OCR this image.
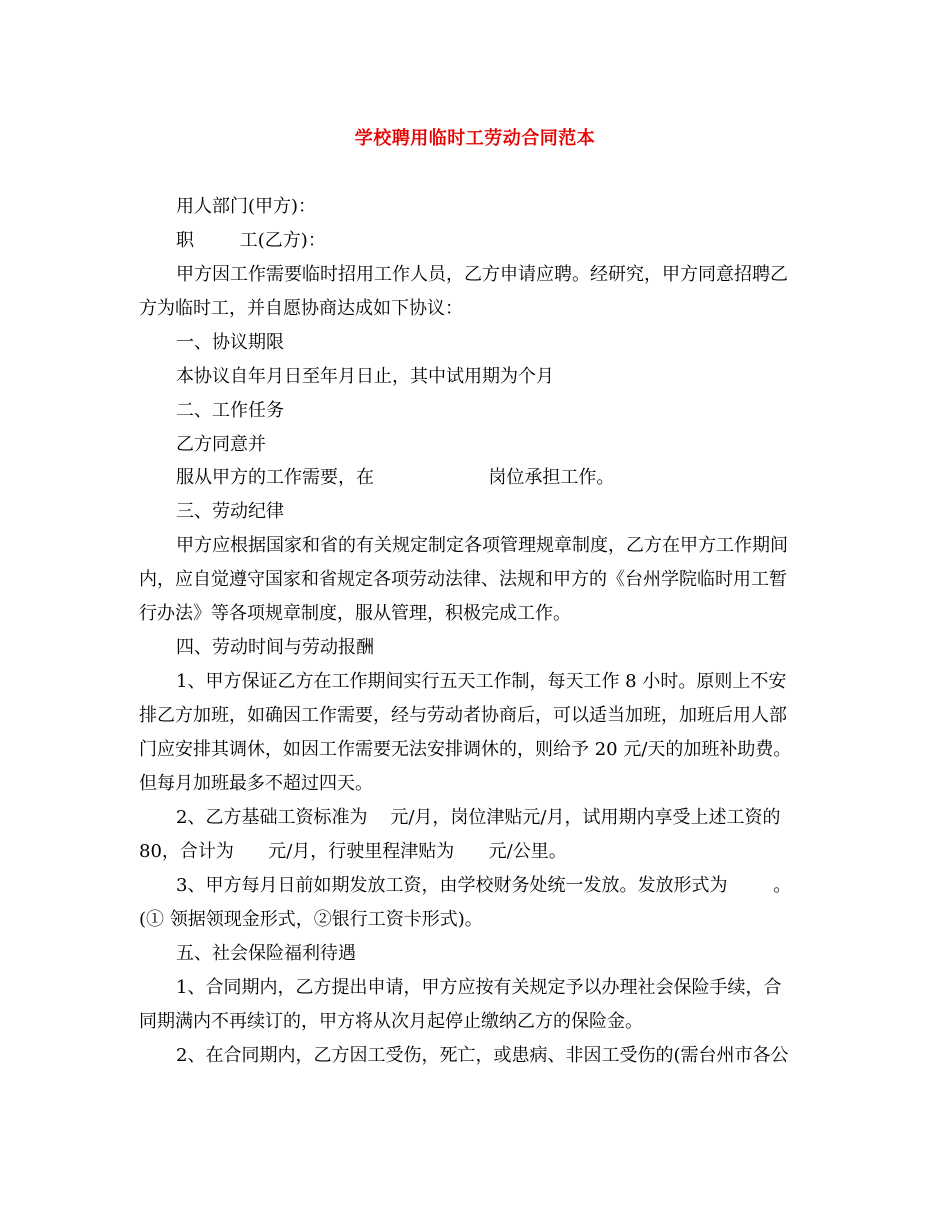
学校聘用临时工劳动合同范本
用人部门(甲方)：
职        工(乙方)：
甲方因工作需要临时招用工作人员，乙方申请应聘。经研究，甲方同意招聘乙
方为临时工，并自愿协商达成如下协议：
一、协议期限
本协议自年月日至年月日止，其中试用期为个月
二、工作任务
乙方同意并
服从甲方的工作需要，在                    岗位承担工作。
三、劳动纪律
甲方应根据国家和省的有关规定制定各项管理规章制度，乙方在甲方工作期间
内，应自觉遵守国家和省规定各项劳动法律、法规和甲方的《台州学院临时用工暂
行办法》等各项规章制度，服从管理，积极完成工作。
四、劳动时间与劳动报酬
1、甲方保证乙方在工作期间实行五天工作制，每天工作 8 小时。原则上不安
排乙方加班，如确因工作需要，经与劳动者协商后，可以适当加班，加班后用人部
门应安排其调休，如因工作需要无法安排调休的，则给予 20 元/天的加班补助费。
但每月加班最多不超过四天。
2、乙方基础工资标准为    元/月，岗位津贴元/月，试用期内享受上述工资的
80，合计为      元/月，行驶里程津贴为      元/公里。
3、甲方每月日前如期发放工资，由学校财务处统一发放。发放形式为        。
(① 领据领现金形式，②银行工资卡形式)。
五、社会保险福利待遇
1、合同期内，乙方提出申请，甲方应按有关规定予以办理社会保险手续，合
同期满内不再续订的，甲方将从次月起停止缴纳乙方的保险金。
2、在合同期内，乙方因工受伤，死亡，或患病、非因工受伤的(需台州市各公
